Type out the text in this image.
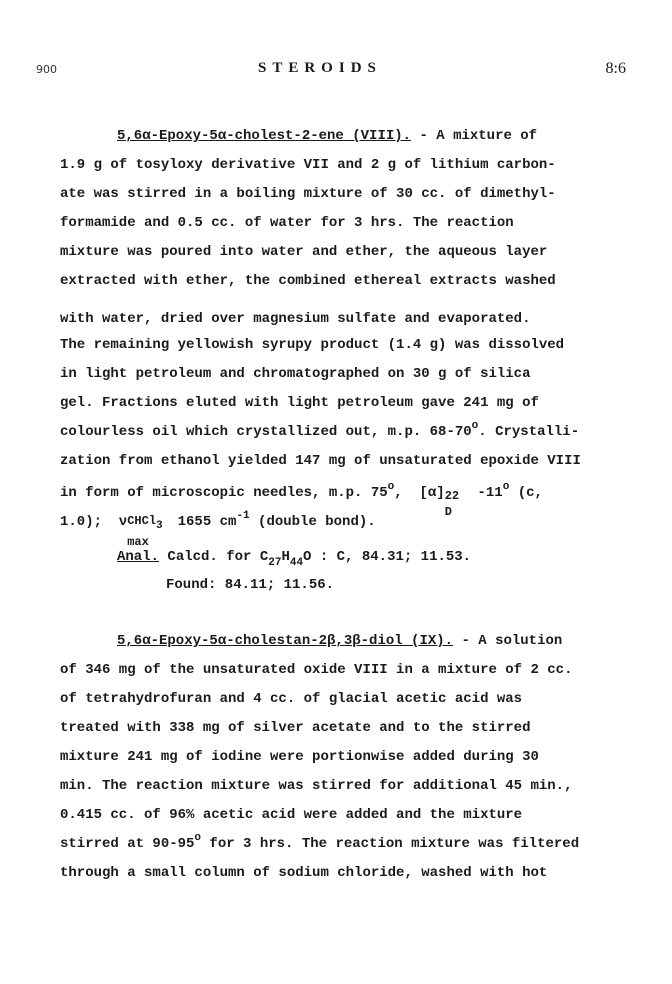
900	STEROIDS	8:6
5,6α-Epoxy-5α-cholest-2-ene (VIII). - A mixture of
1.9 g of tosyloxy derivative VII and 2 g of lithium carbon-
ate was stirred in a boiling mixture of 30 cc. of dimethyl-
formamide and 0.5 cc. of water for 3 hrs. The reaction
mixture was poured into water and ether, the aqueous layer
extracted with ether, the combined ethereal extracts washed
with water, dried over magnesium sulfate and evaporated.
The remaining yellowish syrupy product (1.4 g) was dissolved
in light petroleum and chromatographed on 30 g of silica
gel. Fractions eluted with light petroleum gave 241 mg of
colourless oil which crystallized out, m.p. 68-70$^o$. Crystalli-
zation from ethanol yielded 147 mg of unsaturated epoxide VIII
in form of microscopic needles, m.p. 75$^o$,  [α] 22
D
-11$^o$ (c,
1.0);  ν CHCl3
max
1655 $cm^{-1}$ (double bond).
Anal. Calcd. for $C_{27}H_{44}O$ : C, 84.31; 11.53.
Found: 84.11; 11.56.
5,6α-Epoxy-5α-cholestan-2β,3β-diol (IX). - A solution
of 346 mg of the unsaturated oxide VIII in a mixture of 2 cc.
of tetrahydrofuran and 4 cc. of glacial acetic acid was
treated with 338 mg of silver acetate and to the stirred
mixture 241 mg of iodine were portionwise added during 30
min. The reaction mixture was stirred for additional 45 min.,
0.415 cc. of 96% acetic acid were added and the mixture
stirred at 90-95$^o$ for 3 hrs. The reaction mixture was filtered
through a small column of sodium chloride, washed with hot
